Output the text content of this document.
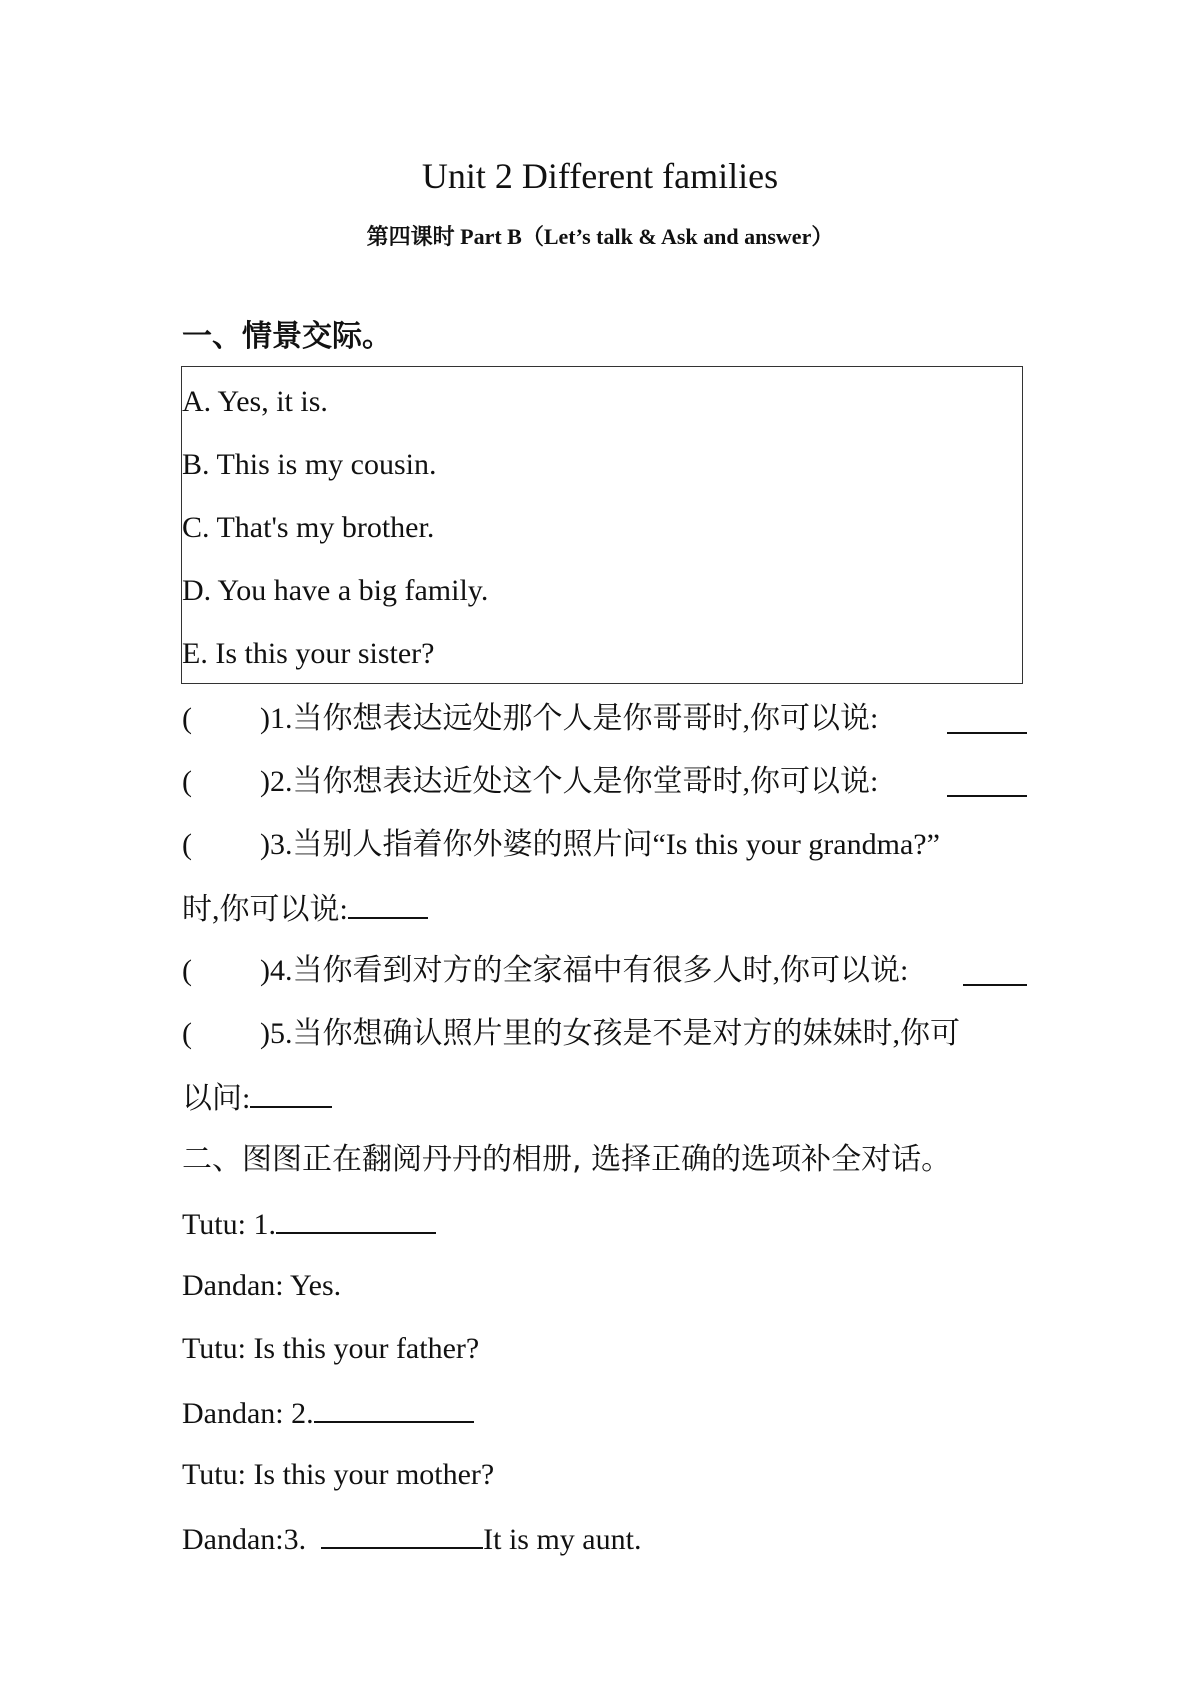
Unit 2 Different families
第四课时 Part B（Let’s talk & Ask and answer）
一、情景交际。
A. Yes, it is.
B. This is my cousin.
C. That's my brother.
D. You have a big family.
E. Is this your sister?
( )1.当你想表达远处那个人是你哥哥时,你可以说:
( )2.当你想表达近处这个人是你堂哥时,你可以说:
( )3.当别人指着你外婆的照片问“Is this your grandma?”
时,你可以说:
( )4.当你看到对方的全家福中有很多人时,你可以说:
( )5.当你想确认照片里的女孩是不是对方的妹妹时,你可
以问:
二、图图正在翻阅丹丹的相册, 选择正确的选项补全对话。
Tutu: 1.
Dandan: Yes.
Tutu: Is this your father?
Dandan: 2.
Tutu: Is this your mother?
Dandan:3.	It is my aunt.
